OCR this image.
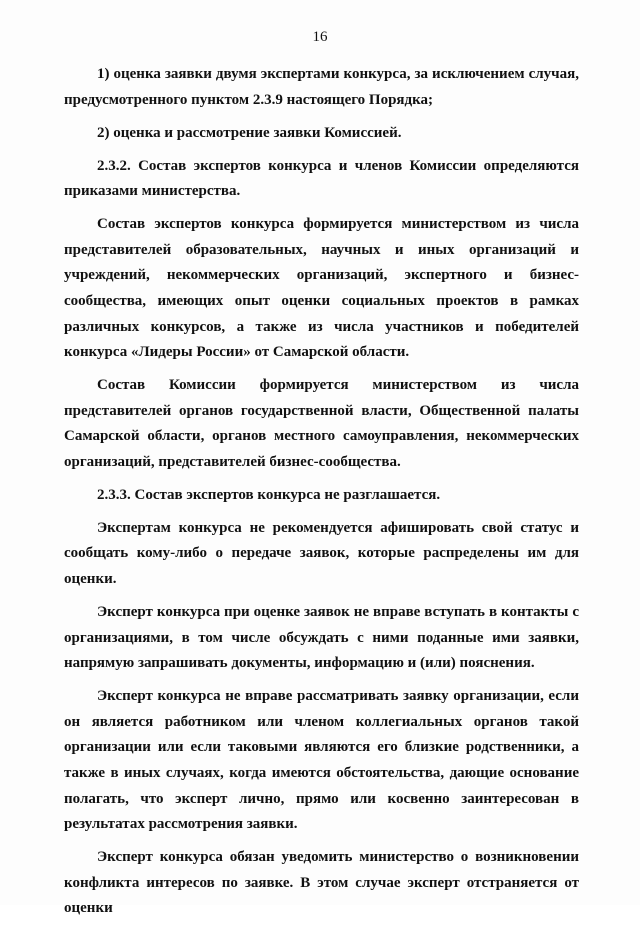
16

1) оценка заявки двумя экспертами конкурса, за исключением случая, предусмотренного пунктом 2.3.9 настоящего Порядка;

2) оценка и рассмотрение заявки Комиссией.

2.3.2. Состав экспертов конкурса и членов Комиссии определяются приказами министерства.

Состав экспертов конкурса формируется министерством из числа представителей образовательных, научных и иных организаций и учреждений, некоммерческих организаций, экспертного и бизнес-сообщества, имеющих опыт оценки социальных проектов в рамках различных конкурсов, а также из числа участников и победителей конкурса «Лидеры России» от Самарской области.

Состав Комиссии формируется министерством из числа представителей органов государственной власти, Общественной палаты Самарской области, органов местного самоуправления, некоммерческих организаций, представителей бизнес-сообщества.

2.3.3. Состав экспертов конкурса не разглашается.

Экспертам конкурса не рекомендуется афишировать свой статус и сообщать кому-либо о передаче заявок, которые распределены им для оценки.

Эксперт конкурса при оценке заявок не вправе вступать в контакты с организациями, в том числе обсуждать с ними поданные ими заявки, напрямую запрашивать документы, информацию и (или) пояснения.

Эксперт конкурса не вправе рассматривать заявку организации, если он является работником или членом коллегиальных органов такой организации или если таковыми являются его близкие родственники, а также в иных случаях, когда имеются обстоятельства, дающие основание полагать, что эксперт лично, прямо или косвенно заинтересован в результатах рассмотрения заявки.

Эксперт конкурса обязан уведомить министерство о возникновении конфликта интересов по заявке. В этом случае эксперт отстраняется от оценки
